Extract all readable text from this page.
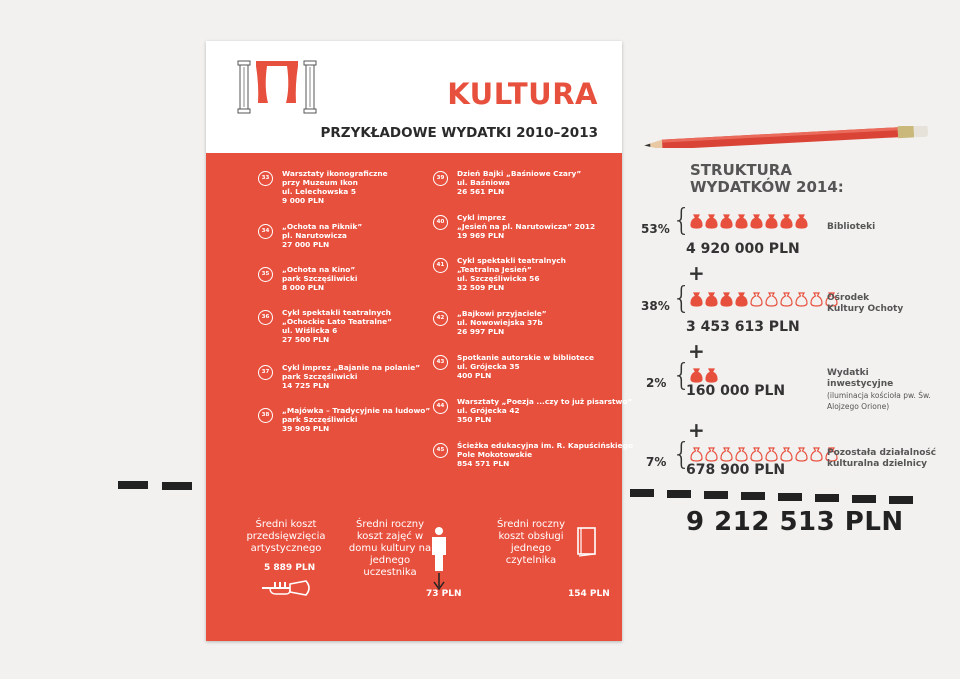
KULTURA
PRZYKŁADOWE WYDATKI 2010–2013
33	Warsztaty ikonograficzne
przy Muzeum Ikon
ul. Lelechowska 5
9 000 PLN
34	„Ochota na Piknik”
pl. Narutowicza
27 000 PLN
35	„Ochota na Kino”
park Szczęśliwicki
8 000 PLN
36	Cykl spektakli teatralnych
„Ochockie Lato Teatralne”
ul. Wiślicka 6
27 500 PLN
37	Cykl imprez „Bajanie na polanie”
park Szczęśliwicki
14 725 PLN
38	„Majówka – Tradycyjnie na ludowo”
park Szczęśliwicki
39 909 PLN
39	Dzień Bajki „Baśniowe Czary”
ul. Baśniowa
26 561 PLN
40	Cykl imprez
„Jesień na pl. Narutowicza” 2012
19 969 PLN
41	Cykl spektakli teatralnych
„Teatralna Jesień”
ul. Szczęśliwicka 56
32 509 PLN
42	„Bajkowi przyjaciele”
ul. Nowowiejska 37b
26 997 PLN
43	Spotkanie autorskie w bibliotece
ul. Grójecka 35
400 PLN
44	Warsztaty „Poezja ...czy to już pisarstwo”
ul. Grójecka 42
350 PLN
45	Ścieżka edukacyjna im. R. Kapuścińskiego
Pole Mokotowskie
854 571 PLN
Średni koszt przedsięwzięcia artystycznego
5 889 PLN
Średni roczny koszt zajęć w domu kultury na jednego uczestnika
73 PLN
Średni roczny koszt obsługi jednego czytelnika
154 PLN
STRUKTURA
WYDATKÓW 2014:
53% {
4 920 000 PLN
Biblioteki
+
38% {
3 453 613 PLN
Ośrodek
Kultury Ochoty
+
2% {
160 000 PLN
Wydatki inwestycyjne
(iluminacja kościoła pw. Św. Alojzego Orione)
+
7% {
678 900 PLN
Pozostała działalność
kulturalna dzielnicy
9 212 513 PLN
